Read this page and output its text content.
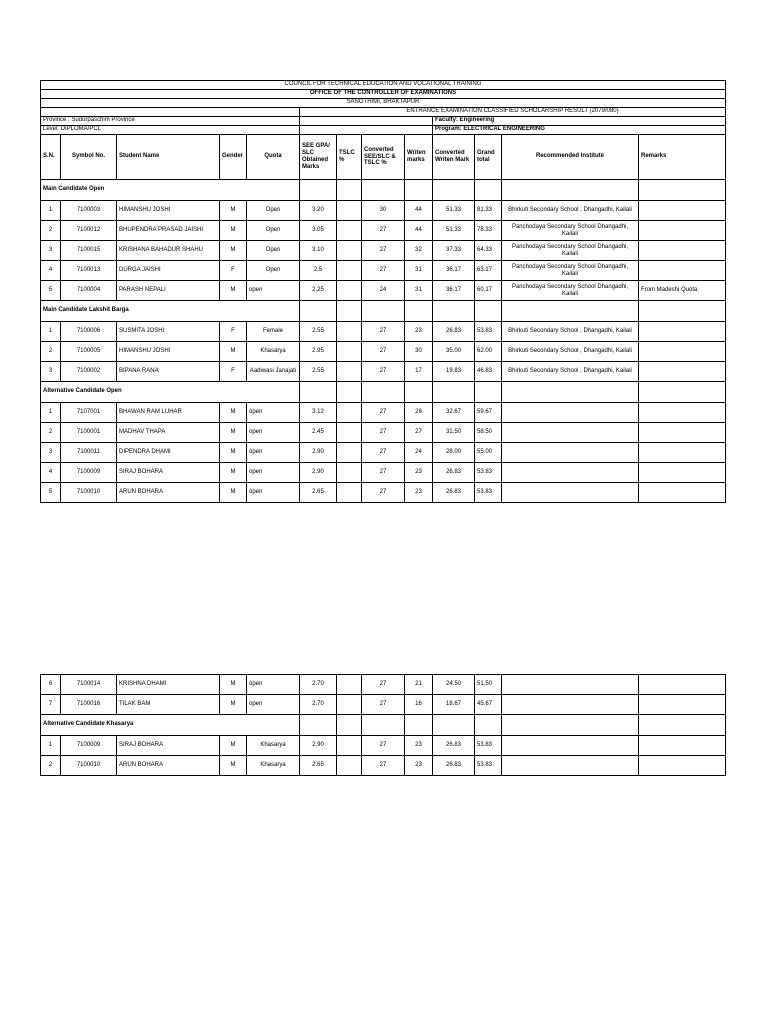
COUNCIL FOR TECHNICAL EDUCATION AND VOCATIONAL TRAINING												
OFFICE OF THE CONTROLLER OF EXAMINATIONS												
SANOTHIMI, BHAKTAPUR												
					ENTRANCE EXAMINATION CLASSIFIED SCHOLARSHIP RESULT (2079/080)							
Province : Sudurpaschim Province									Faculty: Engineering			
Level: DIPLOMA/PCL									Program: ELECTRICAL ENGINEERING			
S.N.	Symbol No.	Student Name	Gender	Quota	SEE GPA/ SLC Obtained Marks	TSLC %	Converted SEE/SLC & TSLC %	Writen marks	Converted Writen Mark	Grand total	Recommended Institute	Remarks
Main Candidate Open												
1	7100003	HIMANSHU JOSHI	M	Open	3.20		30	44	51.33	81.33	Bhirkuti Secondary School , Dhangadhi, Kailali	
2	7100012	BHUPENDRA PRASAD JAISHI	M	Open	3.05		27	44	51.33	78.33	Panchodaya Secondary School Dhangadhi, Kailali	
3	7100015	KRISHANA BAHADUR SHAHU	M	Open	3.10		27	32	37.33	64.33	Panchodaya Secondary School Dhangadhi, Kailali	
4	7100013	DURGA JAISHI	F	Open	2.5		27	31	36.17	63.17	Panchodaya Secondary School Dhangadhi, Kailali	
5	7100004	PARASH NEPALI	M	open	2.25		24	31	36.17	60.17	Panchodaya Secondary School Dhangadhi, Kailali	From Madeshi Quota
Main Candidate Lakshit Barga												
1	7100006	SUSMITA JOSHI	F	Female	2.55		27	23	26.83	53.83	Bhirkuti Secondary School , Dhangadhi, Kailali	
2	7100005	HIMANSHU JOSHI	M	Khasarya	2.95		27	30	35.00	62.00	Bhirkuti Secondary School , Dhangadhi, Kailali	
3	7100002	BIPANA RANA	F	Aadiwasi Janajati	2.55		27	17	19.83	46.83	Bhirkuti Secondary School , Dhangadhi, Kailali	
Alternative Candidate Open												
1	7107001	BHAWAN RAM LUHAR	M	open	3.12		27	28	32.67	59.67		
2	7100001	MADHAV THAPA	M	open	2.45		27	27	31.50	58.50		
3	7100011	DIPENDRA DHAMI	M	open	2.90		27	24	28.00	55.00		
4	7100009	SIRAJ BOHARA	M	open	2.90		27	23	26.83	53.83		
5	7100010	ARUN BOHARA	M	open	2.65		27	23	26.83	53.83		
6	7100014	KRISHNA DHAMI	M	open	2.70		27	21	24.50	51.50		
7	7100016	TILAK BAM	M	open	2.70		27	16	18.67	45.67		
Alternative Candidate Khasarya												
1	7100009	SIRAJ BOHARA	M	Khasarya	2.90		27	23	26.83	53.83		
2	7100010	ARUN BOHARA	M	Khasarya	2.65		27	23	26.83	53.83		
